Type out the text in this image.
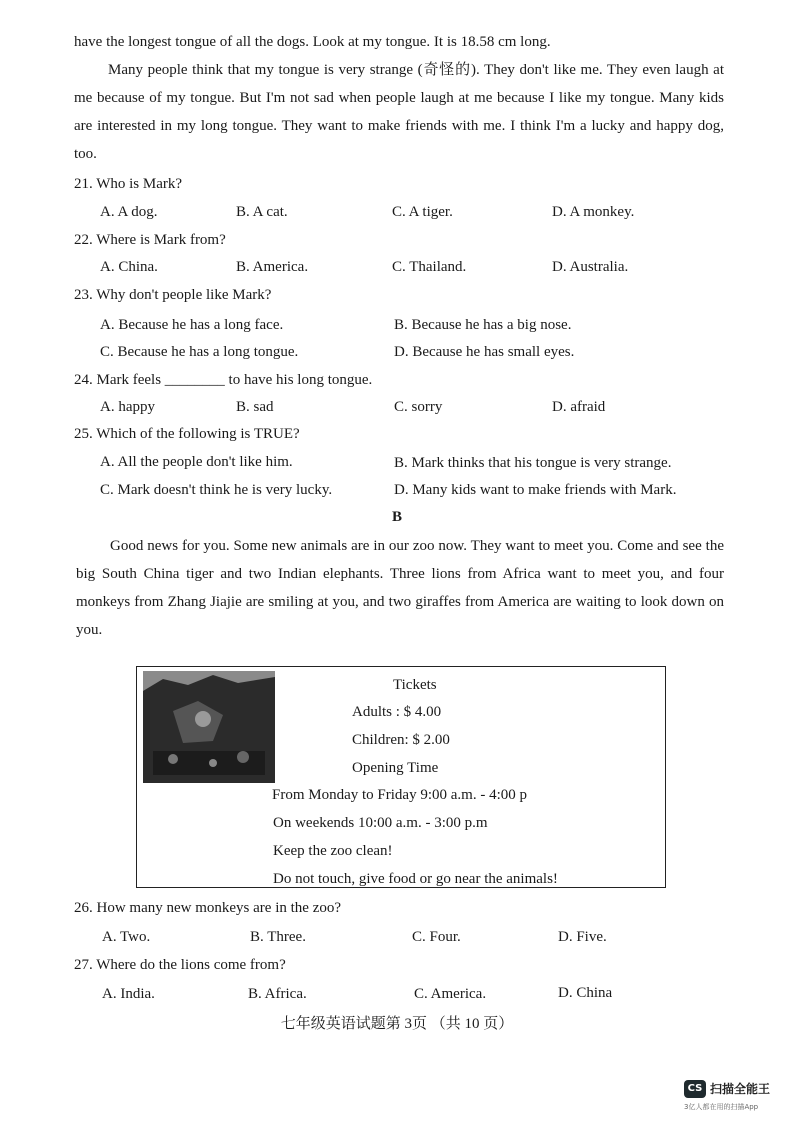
have the longest tongue of all the dogs. Look at my tongue. It is 18.58 cm long.

Many people think that my tongue is very strange (奇怪的). They don't like me. They even laugh at me because of my tongue. But I'm not sad when people laugh at me because I like my tongue. Many kids are interested in my long tongue. They want to make friends with me. I think I'm a lucky and happy dog, too.

21. Who is Mark?
A. A dog.	B. A cat.	C. A tiger.	D. A monkey.
22. Where is Mark from?
A. China.	B. America.	C. Thailand.	D. Australia.
23. Why don't people like Mark?
A. Because he has a long face.	B. Because he has a big nose.
C. Because he has a long tongue.	D. Because he has small eyes.
24. Mark feels ________ to have his long tongue.
A. happy	B. sad	C. sorry	D. afraid
25. Which of the following is TRUE?
A. All the people don't like him.	B. Mark thinks that his tongue is very strange.
C. Mark doesn't think he is very lucky.	D. Many kids want to make friends with Mark.
B

Good news for you. Some new animals are in our zoo now. They want to meet you. Come and see the big South China tiger and two Indian elephants. Three lions from Africa want to meet you, and four monkeys from Zhang Jiajie are smiling at you, and two giraffes from America are waiting to look down on you.

Tickets
Adults : $ 4.00
Children: $ 2.00
Opening Time
From Monday to Friday 9:00 a.m. - 4:00 p
On weekends 10:00 a.m. - 3:00 p.m
Keep the zoo clean!
Do not touch, give food or go near the animals!
26. How many new monkeys are in the zoo?
A. Two.	B. Three.	C. Four.	D. Five.
27. Where do the lions come from?
A. India.	B. Africa.	C. America.	D. China
七年级英语试题第 3页 （共 10 页）
CS 扫描全能王
3亿人都在用的扫描App
